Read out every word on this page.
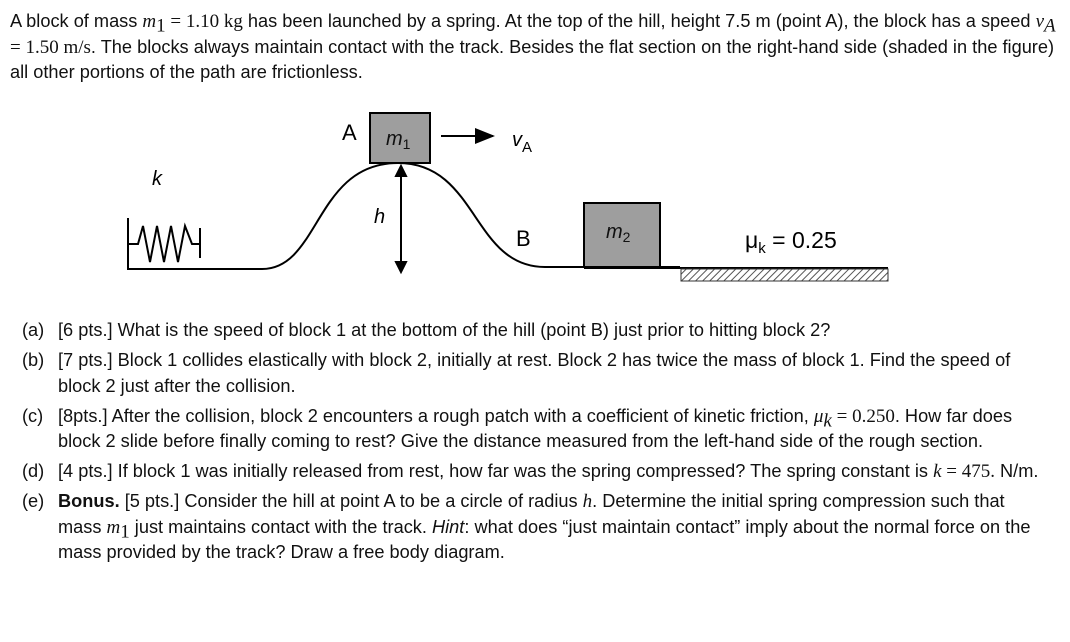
A block of mass $m_1 = 1.10$ kg has been launched by a spring. At the top of the hill, height 7.5 m (point A), the block has a speed $v_A = 1.50$ m/s. The blocks always maintain contact with the track. Besides the flat section on the right-hand side (shaded in the figure) all other portions of the path are frictionless.

k
$m_1$
A	$v_A$
h
B	$m_2$	$\mu_k = 0.25$
(a) [6 pts.] What is the speed of block 1 at the bottom of the hill (point B) just prior to hitting block 2?
(b) [7 pts.] Block 1 collides elastically with block 2, initially at rest. Block 2 has twice the mass of block 1. Find the speed of block 2 just after the collision.
(c) [8pts.] After the collision, block 2 encounters a rough patch with a coefficient of kinetic friction, $\mu_k = 0.250$. How far does block 2 slide before finally coming to rest? Give the distance measured from the left-hand side of the rough section.
(d) [4 pts.] If block 1 was initially released from rest, how far was the spring compressed? The spring constant is k = 475. N/m.
(e) Bonus. [5 pts.] Consider the hill at point A to be a circle of radius h. Determine the initial spring compression such that mass $m_1$ just maintains contact with the track. Hint: what does “just maintain contact” imply about the normal force on the mass provided by the track? Draw a free body diagram.
